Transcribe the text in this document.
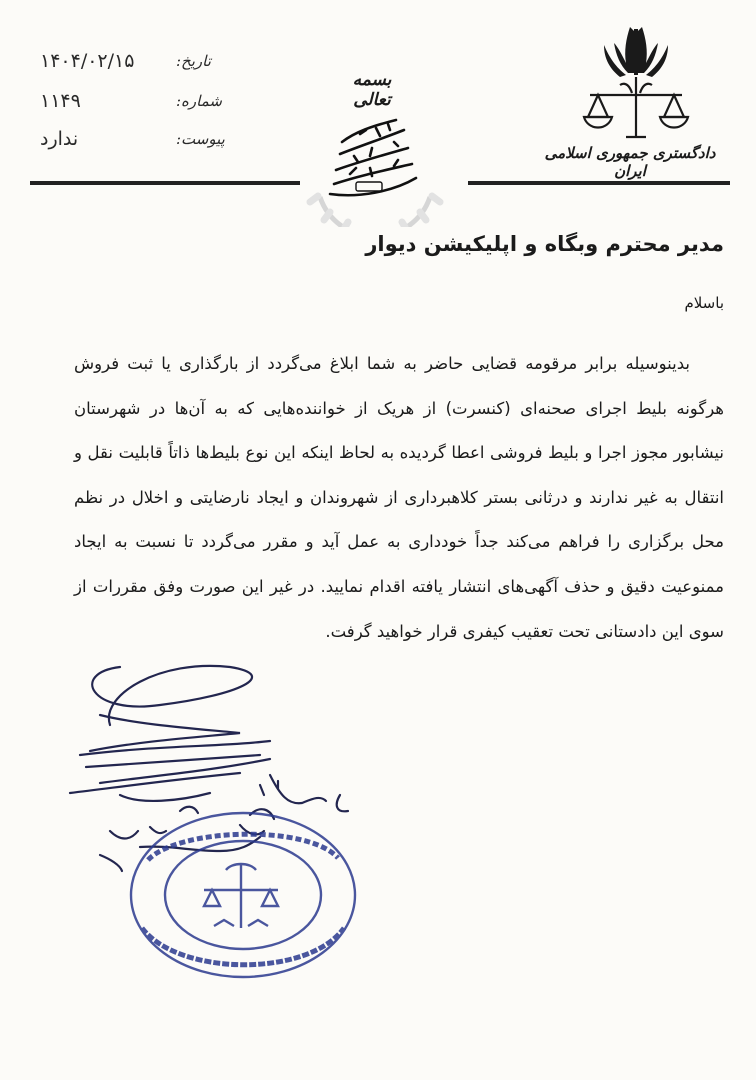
۱۴۰۴/۰۲/۱۵	تاریخ:
۱۱۴۹	شماره:
ندارد	پیوست:
بسمه تعالی
دادگستری جمهوری اسلامی ایران
مدیر محترم وبگاه و اپلیکیشن دیوار
باسلام

بدینوسیله برابر مرقومه قضایی حاضر به شما ابلاغ می‌گردد از بارگذاری یا ثبت فروش هرگونه بلیط اجرای صحنه‌ای (کنسرت) از هریک از خواننده‌هایی که به آن‌ها در شهرستان نیشابور مجوز اجرا و بلیط فروشی اعطا گردیده به لحاظ اینکه این نوع بلیط‌ها ذاتاً قابلیت نقل و انتقال به غیر ندارند و درثانی بستر کلاهبرداری از شهروندان و ایجاد نارضایتی و اخلال در نظم محل برگزاری را فراهم می‌کند جداً خودداری به عمل آید و مقرر می‌گردد تا نسبت به ایجاد ممنوعیت دقیق و حذف آگهی‌های انتشار یافته اقدام نمایید. در غیر این صورت وفق مقررات از سوی این دادستانی تحت تعقیب کیفری قرار خواهید گرفت.
